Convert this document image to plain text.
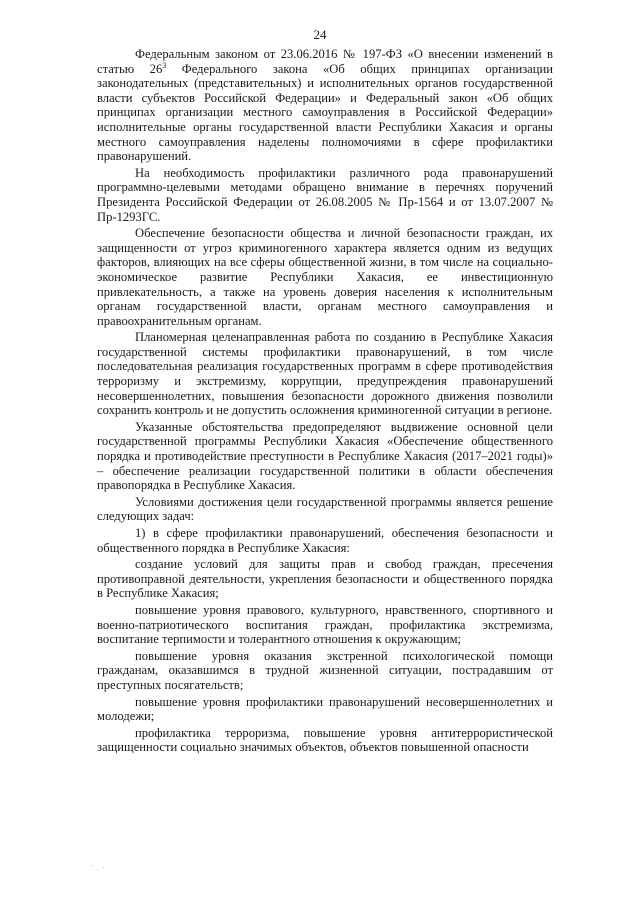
24

Федеральным законом от 23.06.2016 № 197-ФЗ «О внесении изменений в статью $26^3$ Федерального закона «Об общих принципах организации законодательных (представительных) и исполнительных органов государственной власти субъектов Российской Федерации» и Федеральный закон «Об общих принципах организации местного самоуправления в Российской Федерации» исполнительные органы государственной власти Республики Хакасия и органы местного самоуправления наделены полномочиями в сфере профилактики правонарушений.

На необходимость профилактики различного рода правонарушений программно-целевыми методами обращено внимание в перечнях поручений Президента Российской Федерации от 26.08.2005 № Пр-1564 и от 13.07.2007 № Пр-1293ГС.

Обеспечение безопасности общества и личной безопасности граждан, их защищенности от угроз криминогенного характера является одним из ведущих факторов, влияющих на все сферы общественной жизни, в том числе на социально-экономическое развитие Республики Хакасия, ее инвестиционную привлекательность, а также на уровень доверия населения к исполнительным органам государственной власти, органам местного самоуправления и правоохранительным органам.

Планомерная целенаправленная работа по созданию в Республике Хакасия государственной системы профилактики правонарушений, в том числе последовательная реализация государственных программ в сфере противодействия терроризму и экстремизму, коррупции, предупреждения правонарушений несовершеннолетних, повышения безопасности дорожного движения позволили сохранить контроль и не допустить осложнения криминогенной ситуации в регионе.

Указанные обстоятельства предопределяют выдвижение основной цели государственной программы Республики Хакасия «Обеспечение общественного порядка и противодействие преступности в Республике Хакасия (2017–2021 годы)» – обеспечение реализации государственной политики в области обеспечения правопорядка в Республике Хакасия.

Условиями достижения цели государственной программы является решение следующих задач:

1) в сфере профилактики правонарушений, обеспечения безопасности и общественного порядка в Республике Хакасия:

создание условий для защиты прав и свобод граждан, пресечения противоправной деятельности, укрепления безопасности и общественного порядка в Республике Хакасия;

повышение уровня правового, культурного, нравственного, спортивного и военно-патриотического воспитания граждан, профилактика экстремизма, воспитание терпимости и толерантного отношения к окружающим;

повышение уровня оказания экстренной психологической помощи гражданам, оказавшимся в трудной жизненной ситуации, пострадавшим от преступных посягательств;

повышение уровня профилактики правонарушений несовершеннолетних и молодежи;

профилактика терроризма, повышение уровня антитеррористической защищенности социально значимых объектов, объектов повышенной опасности

' . ·
